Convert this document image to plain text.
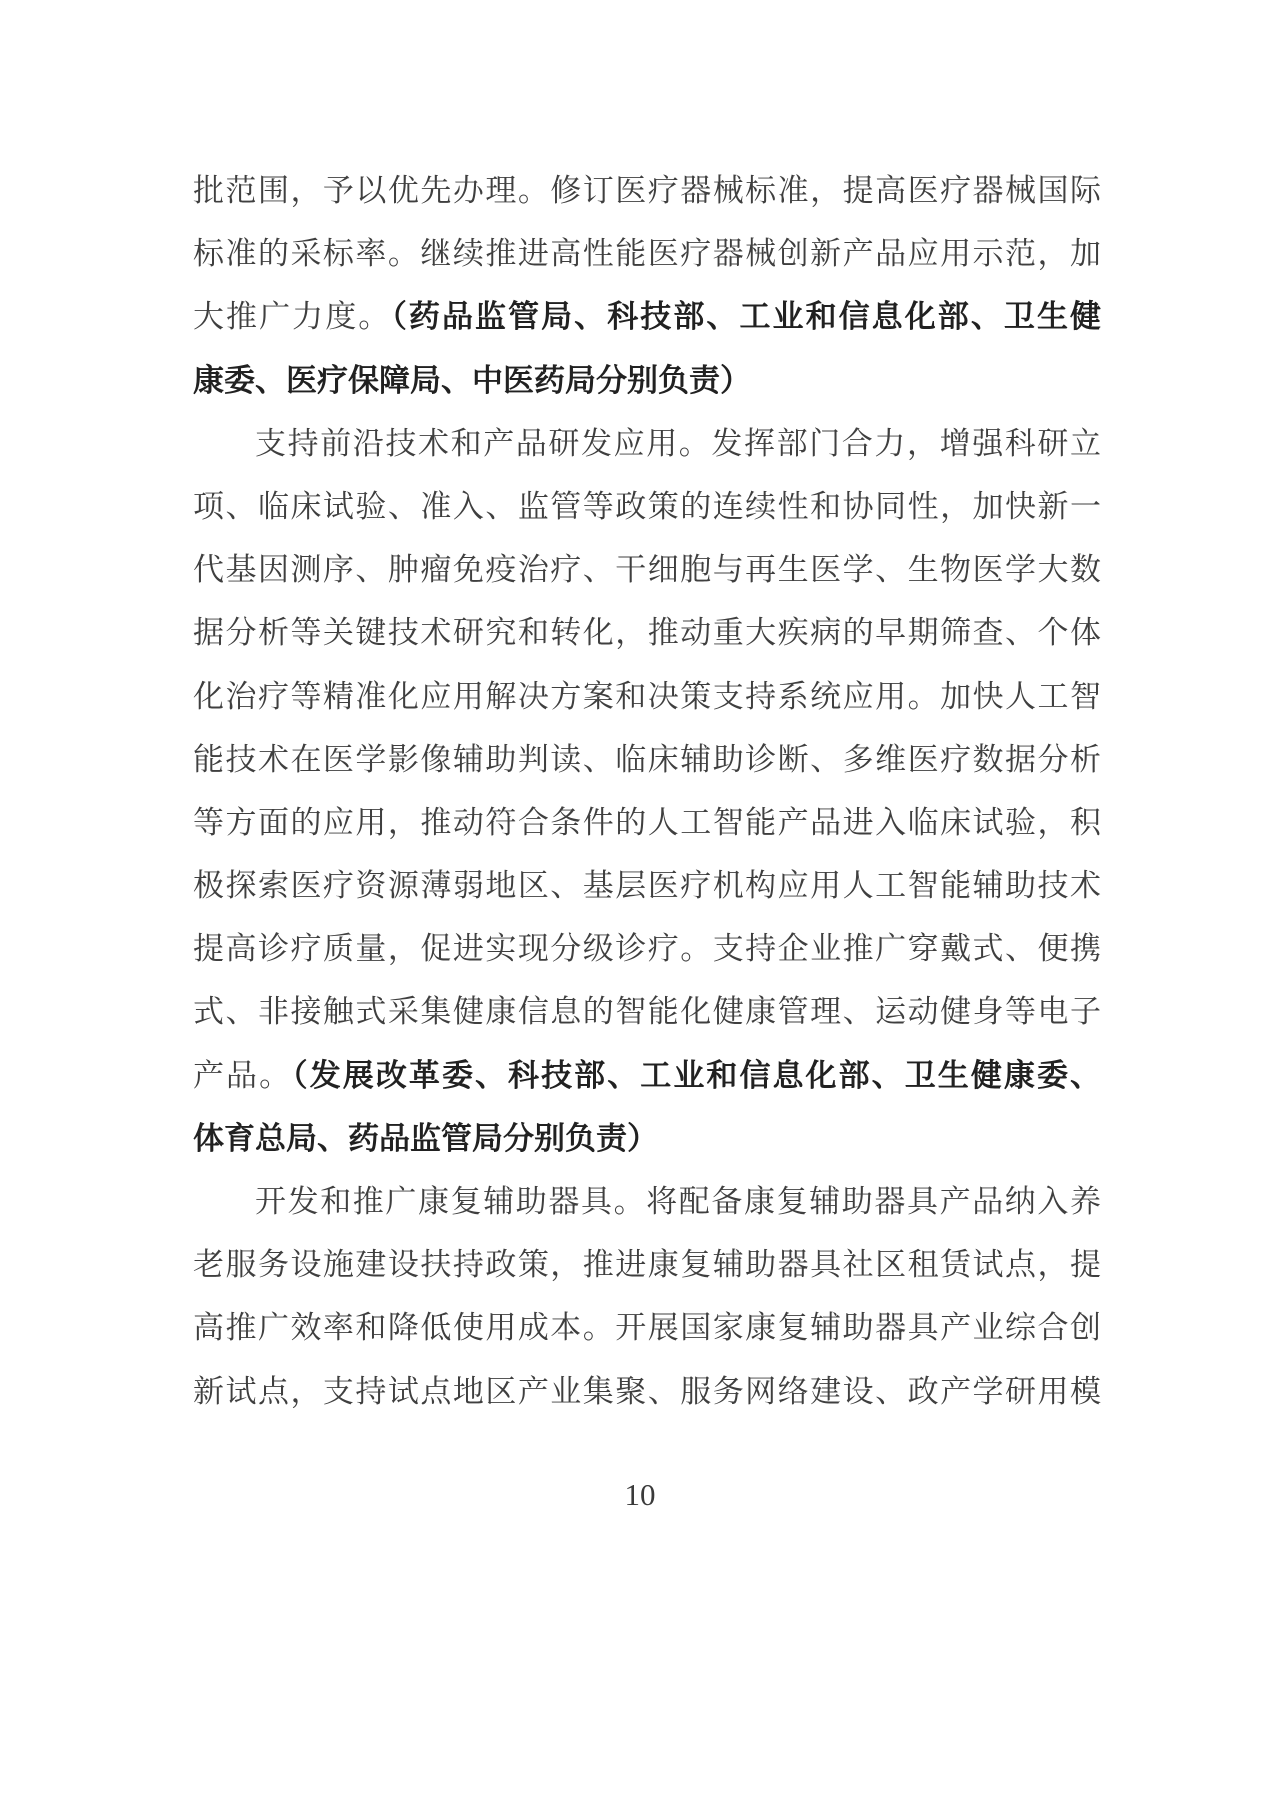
批范围，予以优先办理。修订医疗器械标准，提高医疗器械国际
标准的采标率。继续推进高性能医疗器械创新产品应用示范，加
大推广力度。（药品监管局、科技部、工业和信息化部、卫生健
康委、医疗保障局、中医药局分别负责）
支持前沿技术和产品研发应用。发挥部门合力，增强科研立
项、临床试验、准入、监管等政策的连续性和协同性，加快新一
代基因测序、肿瘤免疫治疗、干细胞与再生医学、生物医学大数
据分析等关键技术研究和转化，推动重大疾病的早期筛查、个体
化治疗等精准化应用解决方案和决策支持系统应用。加快人工智
能技术在医学影像辅助判读、临床辅助诊断、多维医疗数据分析
等方面的应用，推动符合条件的人工智能产品进入临床试验，积
极探索医疗资源薄弱地区、基层医疗机构应用人工智能辅助技术
提高诊疗质量，促进实现分级诊疗。支持企业推广穿戴式、便携
式、非接触式采集健康信息的智能化健康管理、运动健身等电子
产品。（发展改革委、科技部、工业和信息化部、卫生健康委、
体育总局、药品监管局分别负责）
开发和推广康复辅助器具。将配备康复辅助器具产品纳入养
老服务设施建设扶持政策，推进康复辅助器具社区租赁试点，提
高推广效率和降低使用成本。开展国家康复辅助器具产业综合创
新试点，支持试点地区产业集聚、服务网络建设、政产学研用模
10
